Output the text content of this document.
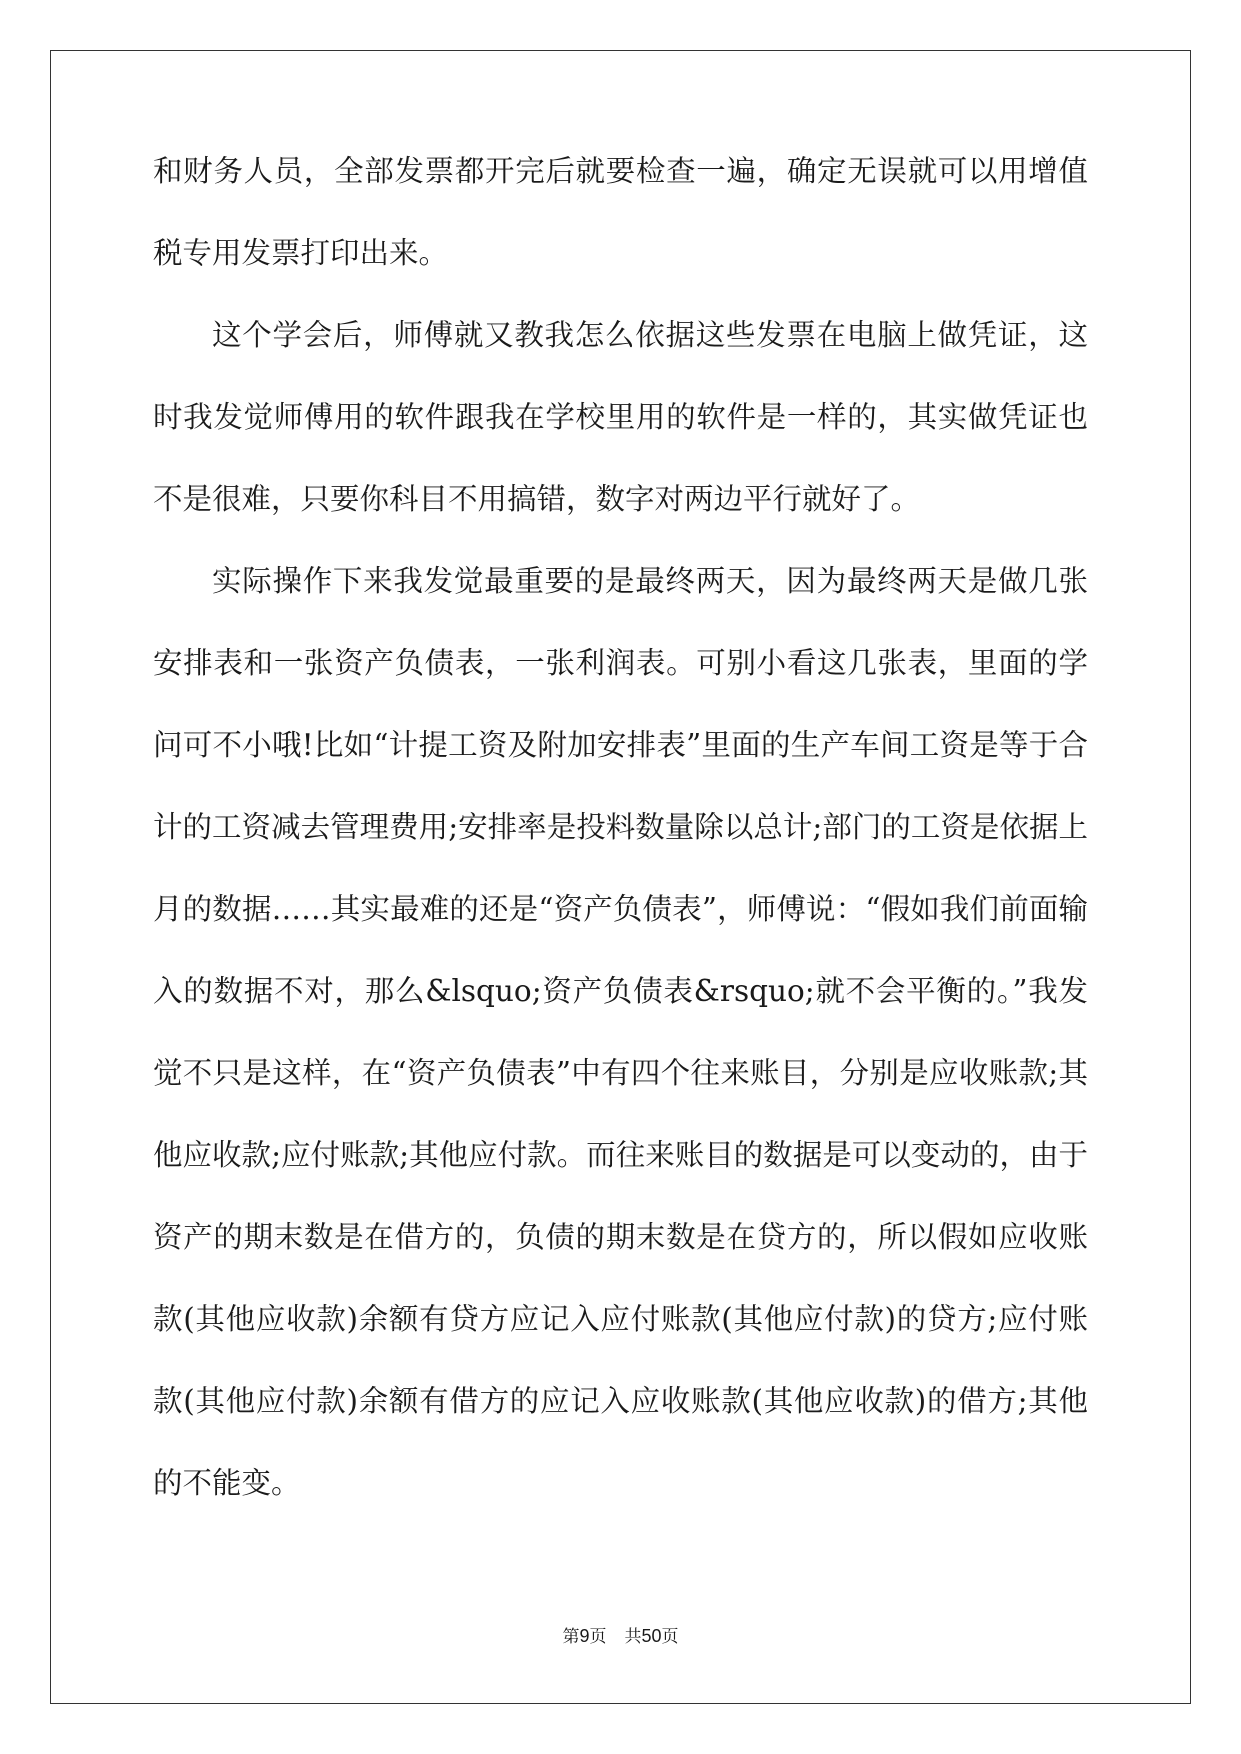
和财务人员，全部发票都开完后就要检查一遍，确定无误就可以用增值税专用发票打印出来。

这个学会后，师傅就又教我怎么依据这些发票在电脑上做凭证，这时我发觉师傅用的软件跟我在学校里用的软件是一样的，其实做凭证也不是很难，只要你科目不用搞错，数字对两边平行就好了。

实际操作下来我发觉最重要的是最终两天，因为最终两天是做几张安排表和一张资产负债表，一张利润表。可别小看这几张表，里面的学问可不小哦!比如“计提工资及附加安排表”里面的生产车间工资是等于合计的工资减去管理费用;安排率是投料数量除以总计;部门的工资是依据上月的数据……其实最难的还是“资产负债表”，师傅说：“假如我们前面输入的数据不对，那么&lsquo;资产负债表&rsquo;就不会平衡的。”我发觉不只是这样，在“资产负债表”中有四个往来账目，分别是应收账款;其他应收款;应付账款;其他应付款。而往来账目的数据是可以变动的，由于资产的期末数是在借方的，负债的期末数是在贷方的，所以假如应收账款(其他应收款)余额有贷方应记入应付账款(其他应付款)的贷方;应付账款(其他应付款)余额有借方的应记入应收账款(其他应收款)的借方;其他的不能变。

第9页 共50页
